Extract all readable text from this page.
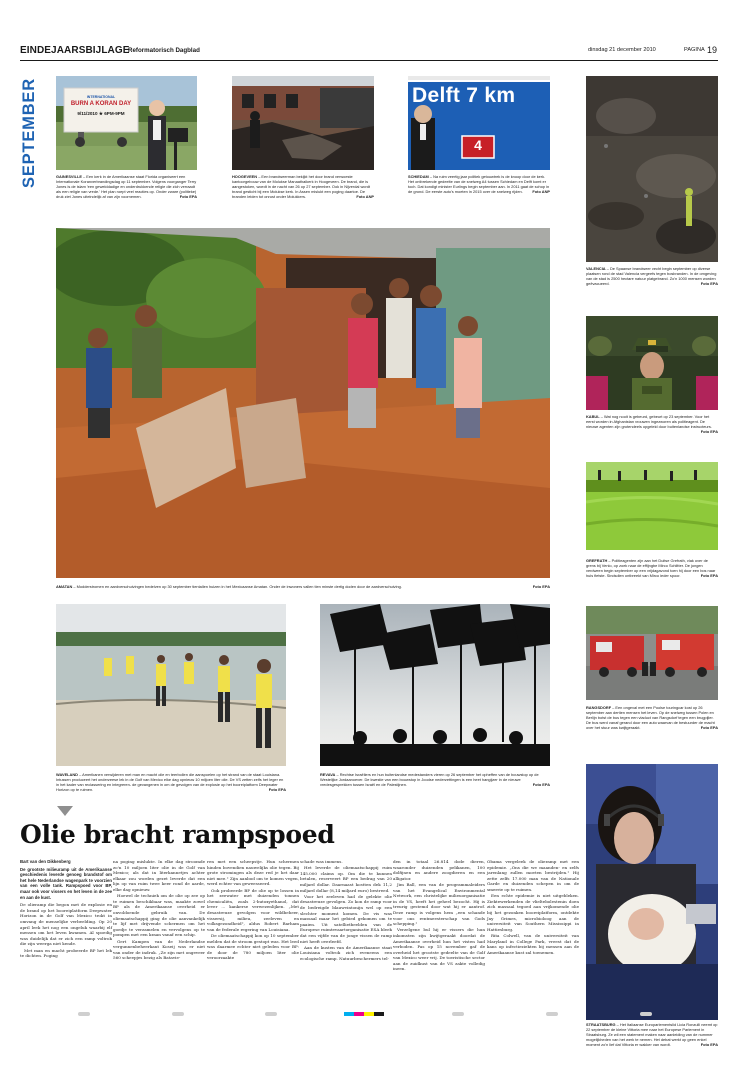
EINDEJAARSBIJLAGE
Reformatorisch Dagblad	dinsdag 21 december 2010	PAGINA 19
SEPTEMBER	INTERNATIONAL
BURN A KORAN DAY
9/11/2010 ★ 6PM-9PM
GAINESVILLE – Een kerk in de Amerikaanse staat Florida organiseert een Internationale Koranverbrandingsdag op 11 september. Volgens voorganger Terry Jones is de islam 'een gewelddadige en onderdrukkende religie die zich verraadt als een religie van vrede.' Het plan roept veel reacties op. Onder zware (politieke) druk ziet Jones uiteindelijk af van zijn voornemen.	Foto EPA
HOOGEVEEN – Een brandweerman bekijkt het door brand verwoeste kantoorgebouw van de Molukse Manaathaikerk in Hoogeveen. De brand, die is aangestoken, woedt in de nacht van 26 op 27 september. Ook in Nijverdal wordt brand gesticht bij een Molukse kerk. In Assen mislukt een poging daartoe. De branden leiden tot onrust onder Molukkers.	Foto ANP
Delft 7 km
4
SCHIEDAM – Na ruim veertig jaar politiek getouwtrek is de knoop door de kerk. Het ontbrekende gedeelte van de snelweg A4 tussen Schiedam en Delft komt er toch. Dat kondigt minister Eurlings begin september aan. In 2011 gaat de schop in de grond. De eerste auto's moeten in 2015 over de snelweg rijden. Foto ANP
VALENCIA – De Spaanse brandweer vecht begin september op diverse plaatsen rond de stad Valencia vergeefs tegen bosbranden. In de omgeving van de stad is 2500 hectare natuur platgebrand. Zo'n 1000 mensen worden geëvacueerd.	Foto EPA
KABUL – Wat nog nooit is gebeurd, gebeurt op 23 september. Voor het eerst worden in Afghanistan vrouwen ingezworen als politieagent. De nieuwe agenten zijn grotendeels opgeleid door buitenlandse instructeurs.
Foto EPA
GREFRATH – Politieagenten zijn aan het Duitse Grefrath, vlak over de grens bij Venlo, op zoek naar de effijngbe Mirco Schlitter. De jongen verdween begin september op een vrijdagavond toen hij door een bos naar huis fietste. Sindsdien ontbreekt van Mirco ieder spoor.	Foto EPA
AMATAN – Modderstromen en aardverschuivingen bedelven op 30 september tientallen huizen in het Mexicaanse Amatan. Onder de inwoners vallen tien minste dertig doden door de aardverschuiving.	Foto EPA
WAVELAND – Amerikanen verwijderen met man en macht olie en teerbollen die aanspoelen op het strand van de staat Louisiana. Intussen produceert het onderzeese lek in de Golf van Mexico elke dag opnieuw 10 miljoen liter olie. De VS zetten zelfs het leger en in het kader van reclassering en integreren- de gevangenen in om de gevolgen van de explosie op het booreiplatform Deepwater Horizon op te ruimen.	Foto EPA
REVAVA – Rechtse Israëliers en hun buitenlandse medestanders vieren op 26 september het opheffen van de bouwstop op de Westelijke Jordaanoever. De kwestie van een bouwstop in Joodse nederzettingen is een heet hangijzer in de nieuwe vredesgesprekken tussen Israël en de Palestijnen.	Foto EPA
RANGSDORF – Een ongeval met een Poolse touringcar kost op 26 september aan dertien mensen het leven. Op de snelweg tussen Polen en Berlijn botst de bus tegen een viaduct van Rangsdorf tegen een brugpijler. De bus werd vanaf gerand door een auto waarvan de bestuurder de macht over het stuur was kwijtgeraakt.	Foto EPA
STRAATSBURG – Het Italiaanse Europarlementslid Licia Ronzulli neemt op 22 september de kleine Vittoria mee naar het Europese Parlement in Straatsburg. Ze wil een statement maken naar aanleiding van de nummer mogelijkheden van het werk te nemen. Het debat werkt op geen enkel moment zo'n lief dat Vittoria er wakker van wordt.	Foto EPA
Olie bracht rampspoed

Bart van den Dikkenberg

De grootste milieuramp uit de Amerikaanse geschiedenis leverde genoeg brandstof om het hele Nederlandse wagenpark te voorzien van een volle tank. Rampspoed voor BP, maar ook voor vissers en het leven in de zee en aan de kust.

De olieramp die begon met de explosie en de brand op het booreiplatform Deepwater Horizon in de Golf van Mexico trokt in omvang de menselijke verbeelding. Op 20 april leek het nog een ongeluk waarbij elf mensen om het leven kwamen. Al spoedig was duidelijk dat er zich een ramp voltrok die zijn weerga niet kende.

Met man en macht probeerde BP het lek te dichten. Poging

na poging mislukte. In elke dag stroomde zo'n 10 miljoen liter olie in de Golf van Mexico; als dat in literkannetjes achter elkaar zou worden gezet leverde dat een lijn op van ruim twee keer rond de aarde, elke dag opnieuw.

Hoewel de techniek om de olie op zee op te ruimen beschikbaar was, maakte zowel BP als de Amerikaanse overheid er onvoldoende gebruik van. De oliemaatschappij ging de olie aanvankelijk te lijf met drijvende schermen om het goedje te verzamelen en vervolgens op te pompen met een kraan vanaf een schip.

Gert Kampen van de Nederlandse vergunnenbeheerkant Koseij was er niet van onder de indruk. „Ze zijn met ongeveer 560 scheepjes bezig als Batavie-

ren met een scheepstje. Hun schermen hinden bovendien nauwelijks olie tegen. Bij grote stromingen als deze red je het daar niet mee." Zijn aanbod om te komen vegen, werd echter van geweesseerd.

Ook probeerde BP de olie op te lossen in het zeewater met duizenden tonnen chemicaliën, zoals 2-butoxyethanol, dat lever ... kankerse verwezenlijken. „Met desastreuze gevolgen voor wildbeheer, vissersij, milieu, zeeleven en volksgezondheid", aldus Robert Barham van de federale regering van Louisiana.

De oliemaatschappij kon op 10 september melden dat de stroom gestopt was. Het leed was daarmee echter niet geleden voor BP: de door de 780 miljoen liter olie veroorzaakte

schade was immens.

Het leverde de oliemaatschappij ruim 145.000 claims op. Om die te kunnen betalen, reserveert BP een bedrag van 20 miljard dollar. Daarnaast kostten dek 11,2 miljard dollar (8,14 miljard euro) bestreed.

Voor het zeeleven had de gelekte olie desastreuze gevolgen. Zo kon de ramp voor de bedreigde blauwvintonijn wel op een slechter moment komen. De vis was massaal maar het gebied gekomen om te paaien. Uit satellietbeelden van de Europese ruimtevaartorganisatie ESA bleek dat een vijfde van de jonge vissen de ramp niet heeft overleefd.

Aan de kusten van de Amerikaanse staat Louisiana voltrok zich eveneens een ecologische ramp. Natuurbeschermers tel-

den in totaal 26.814 dode dieren, waaronder duizenden pelikanen, 100 dolfijnen en andere zoogdieren en een alligator.

Jim Ball, een van de programmaleiders van het Evangelical Environmental Network, een christelijke milieuorganisatie in de VS, heeft het geheel bezocht. Hij is treurig gestemd door wat hij er aantrof. Deze ramp is volgens hem „een schande voor ons rentmeesterschap van Gods schepping."

Verzelgene bul hij er vissers die hun inkomsten zijn kwijtgeraakt doordat de Amerikaanse overheid hun het visten had verboden. Pas op 15 november gaf de overheid het grootste gedeelte van de Golf van Mexico weer vrij. De toeristische sector aan de zuidkust van de VS zakte volledig ineen.

Obama vergeleek de olieramp met een epidemie. „Ons die we maanden- en zelfs jarenlang zullen moeten bestrijden." Hij zette zelfs 17.000 man van de Nationale Garde en duizenden schepen in om de smerrie op te ruimen.

Een echte epidemie is niet uitgebleken. Ziektewerkenden de vlieltebolestenin doen zich massaal tegoed aan vrijkomende olie bij het gezonken booreiplatform, ontdekte Jay Grimes, microbioloog aan de universiteit van Southern Mississippi in Hattiesburg.

Rita Colwell, van de universiteit van Maryland in College Park, vreest dat de kans op infectieziekten bij mensen aan de Amerikaanse kust zal toenemen.
